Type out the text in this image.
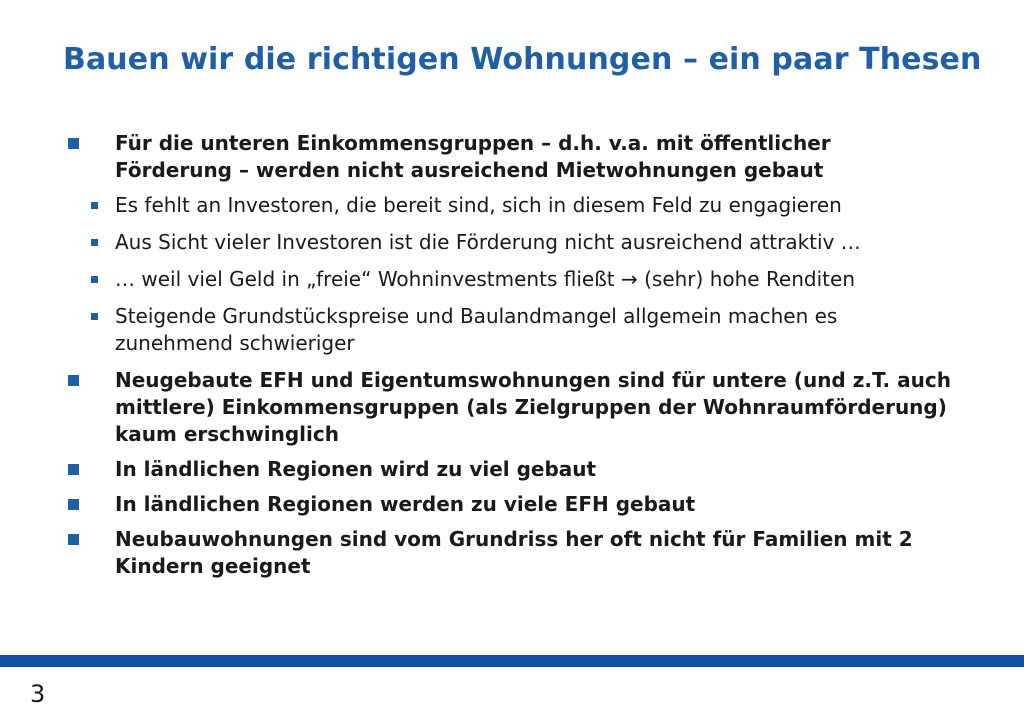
Bauen wir die richtigen Wohnungen – ein paar Thesen
Für die unteren Einkommensgruppen – d.h. v.a. mit öffentlicher Förderung – werden nicht ausreichend Mietwohnungen gebaut
Es fehlt an Investoren, die bereit sind, sich in diesem Feld zu engagieren
Aus Sicht vieler Investoren ist die Förderung nicht ausreichend attraktiv …
… weil viel Geld in „freie“ Wohninvestments fließt → (sehr) hohe Renditen
Steigende Grundstückspreise und Baulandmangel allgemein machen es zunehmend schwieriger
Neugebaute EFH und Eigentumswohnungen sind für untere (und z.T. auch mittlere) Einkommensgruppen (als Zielgruppen der Wohnraumförderung) kaum erschwinglich
In ländlichen Regionen wird zu viel gebaut
In ländlichen Regionen werden zu viele EFH gebaut
Neubauwohnungen sind vom Grundriss her oft nicht für Familien mit 2 Kindern geeignet
3
